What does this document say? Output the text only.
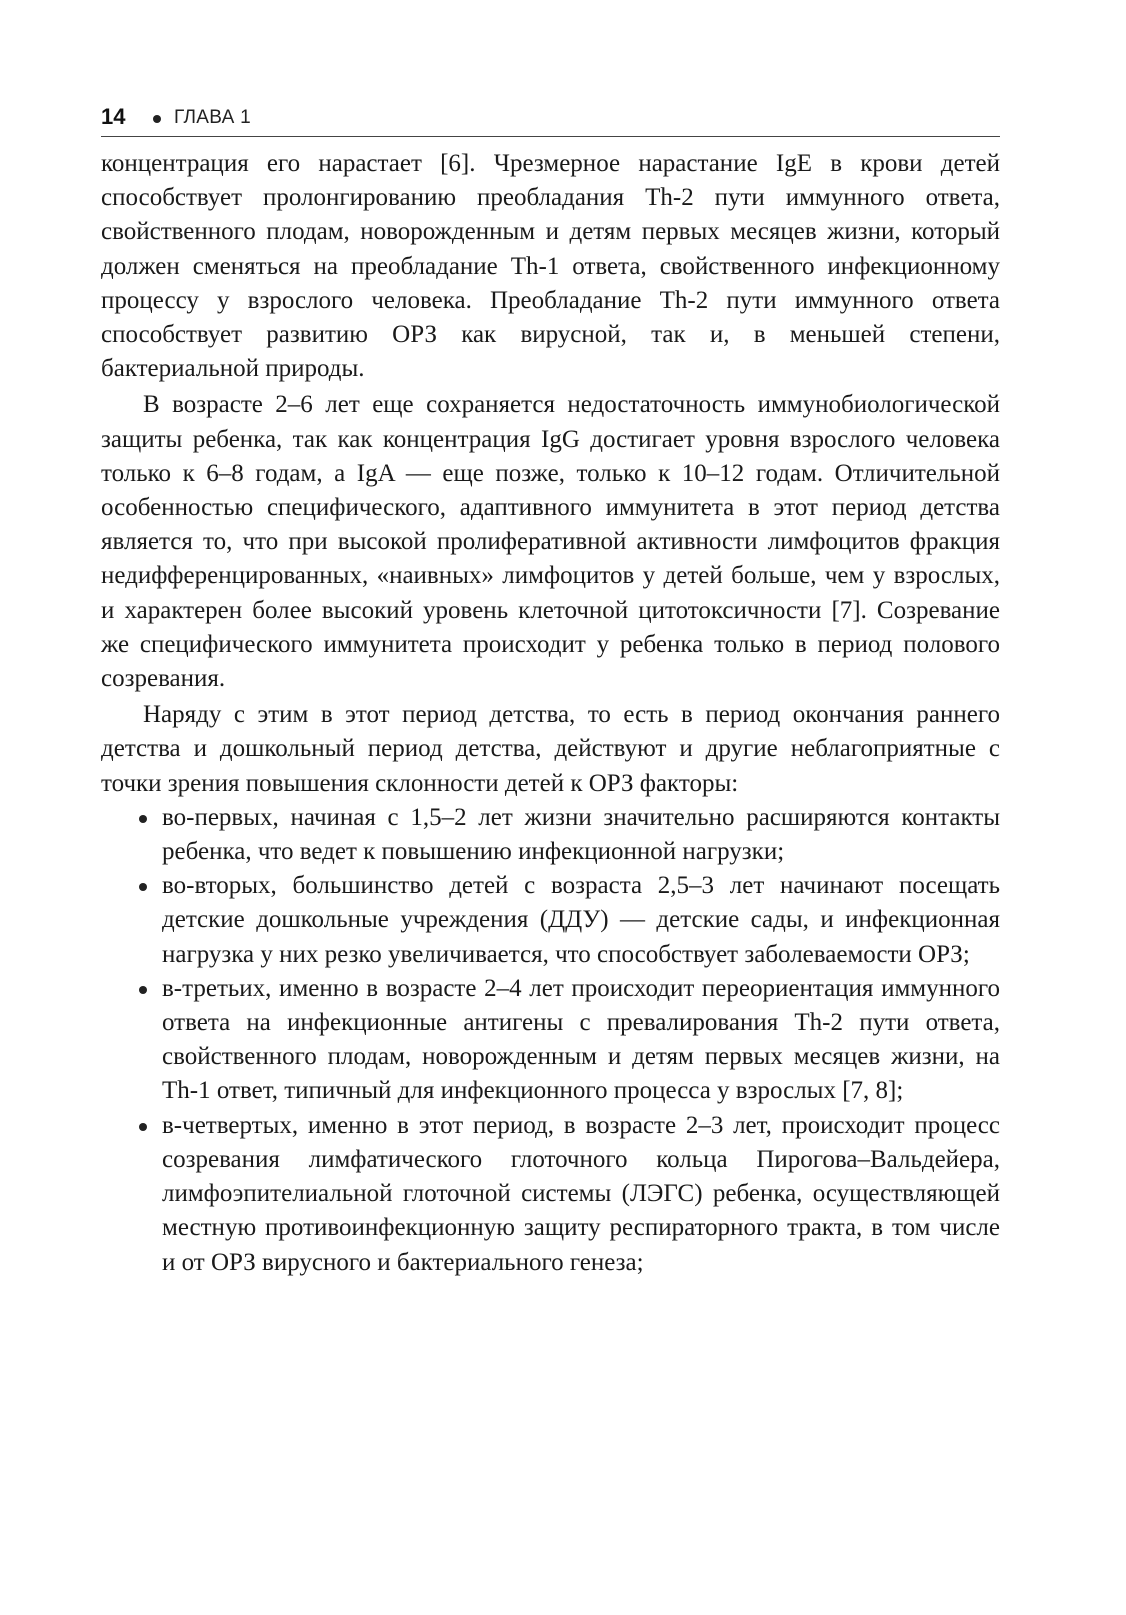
14	ГЛАВА 1

концентрация его нарастает [6]. Чрезмерное нарастание IgE в крови детей способствует пролонгированию преобладания Th-2 пути иммунного ответа, свойственного плодам, новорожденным и детям первых месяцев жизни, который должен сменяться на преобладание Th-1 ответа, свойственного инфекционному процессу у взрослого человека. Преобладание Th-2 пути иммунного ответа способствует развитию ОРЗ как вирусной, так и, в меньшей степени, бактериальной природы.

В возрасте 2–6 лет еще сохраняется недостаточность иммунобиологической защиты ребенка, так как концентрация IgG достигает уровня взрослого человека только к 6–8 годам, а IgA — еще позже, только к 10–12 годам. Отличительной особенностью специфического, адаптивного иммунитета в этот период детства является то, что при высокой пролиферативной активности лимфоцитов фракция недифференцированных, «наивных» лимфоцитов у детей больше, чем у взрослых, и характерен более высокий уровень клеточной цитотоксичности [7]. Созревание же специфического иммунитета происходит у ребенка только в период полового созревания.

Наряду с этим в этот период детства, то есть в период окончания раннего детства и дошкольный период детства, действуют и другие неблагоприятные с точки зрения повышения склонности детей к ОРЗ факторы:

во-первых, начиная с 1,5–2 лет жизни значительно расширяются контакты ребенка, что ведет к повышению инфекционной нагрузки;
во-вторых, большинство детей с возраста 2,5–3 лет начинают посещать детские дошкольные учреждения (ДДУ) — детские сады, и инфекционная нагрузка у них резко увеличивается, что способствует заболеваемости ОРЗ;
в-третьих, именно в возрасте 2–4 лет происходит переориентация иммунного ответа на инфекционные антигены с превалирования Th-2 пути ответа, свойственного плодам, новорожденным и детям первых месяцев жизни, на Th-1 ответ, типичный для инфекционного процесса у взрослых [7, 8];
в-четвертых, именно в этот период, в возрасте 2–3 лет, происходит процесс созревания лимфатического глоточного кольца Пирогова–Вальдейера, лимфоэпителиальной глоточной системы (ЛЭГС) ребенка, осуществляющей местную противоинфекционную защиту респираторного тракта, в том числе и от ОРЗ вирусного и бактериального генеза;
